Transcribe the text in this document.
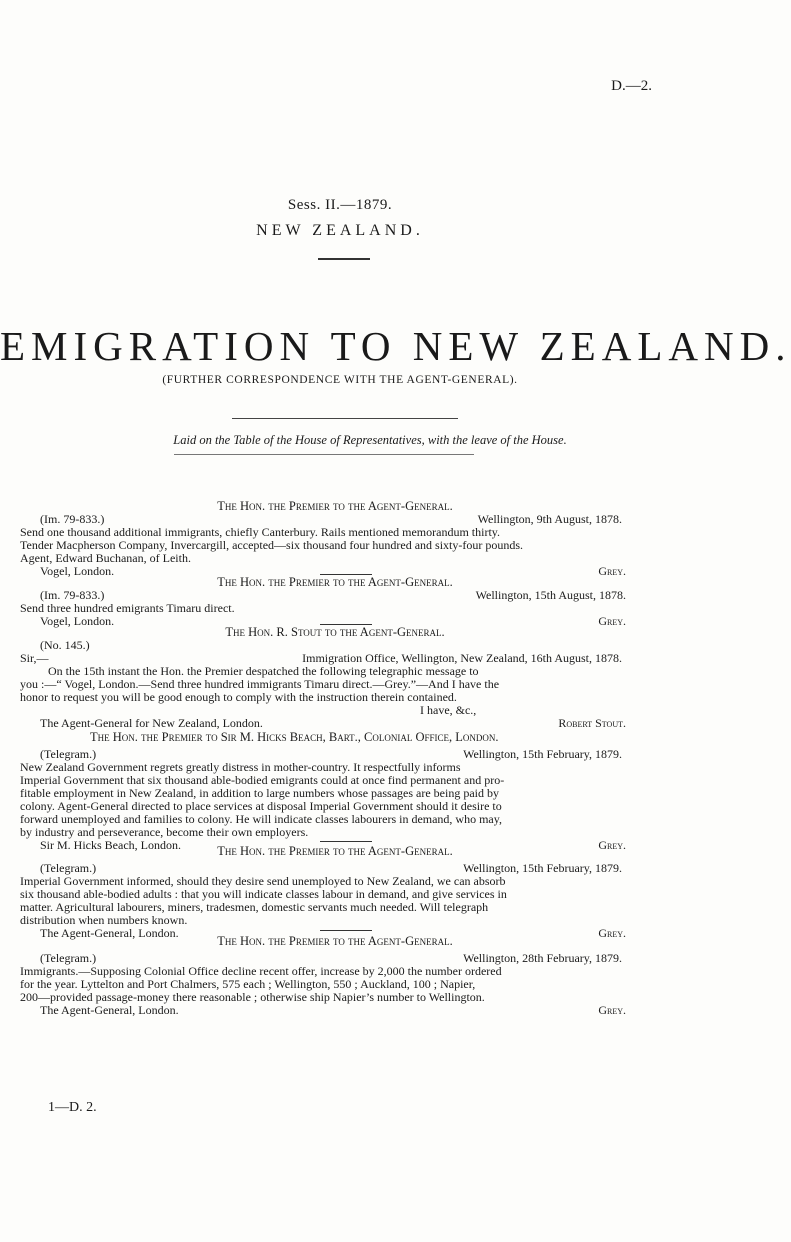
D.—2.
Sess. II.—1879.
NEW ZEALAND.
EMIGRATION TO NEW ZEALAND.
(FURTHER CORRESPONDENCE WITH THE AGENT-GENERAL).
Laid on the Table of the House of Representatives, with the leave of the House.
The Hon. the Premier to the Agent-General.
(Im. 79-833.)	Wellington, 9th August, 1878.
Send one thousand additional immigrants, chiefly Canterbury. Rails mentioned memorandum thirty.
Tender Macpherson Company, Invercargill, accepted—six thousand four hundred and sixty-four pounds.
Agent, Edward Buchanan, of Leith.
Vogel, London.	Grey.
The Hon. the Premier to the Agent-General.
(Im. 79-833.)	Wellington, 15th August, 1878.
Send three hundred emigrants Timaru direct.
Vogel, London.	Grey.
The Hon. R. Stout to the Agent-General.
(No. 145.)
Sir,—	Immigration Office, Wellington, New Zealand, 16th August, 1878.
On the 15th instant the Hon. the Premier despatched the following telegraphic message to
you :—“ Vogel, London.—Send three hundred immigrants Timaru direct.—Grey.”—And I have the
honor to request you will be good enough to comply with the instruction therein contained.
I have, &c.,
The Agent-General for New Zealand, London.	Robert Stout.
The Hon. the Premier to Sir M. Hicks Beach, Bart., Colonial Office, London.
(Telegram.)	Wellington, 15th February, 1879.
New Zealand Government regrets greatly distress in mother-country. It respectfully informs
Imperial Government that six thousand able-bodied emigrants could at once find permanent and pro-
fitable employment in New Zealand, in addition to large numbers whose passages are being paid by
colony. Agent-General directed to place services at disposal Imperial Government should it desire to
forward unemployed and families to colony. He will indicate classes labourers in demand, who may,
by industry and perseverance, become their own employers.
Sir M. Hicks Beach, London.	Grey.
The Hon. the Premier to the Agent-General.
(Telegram.)	Wellington, 15th February, 1879.
Imperial Government informed, should they desire send unemployed to New Zealand, we can absorb
six thousand able-bodied adults : that you will indicate classes labour in demand, and give services in
matter. Agricultural labourers, miners, tradesmen, domestic servants much needed. Will telegraph
distribution when numbers known.
The Agent-General, London.	Grey.
The Hon. the Premier to the Agent-General.
(Telegram.)	Wellington, 28th February, 1879.
Immigrants.—Supposing Colonial Office decline recent offer, increase by 2,000 the number ordered
for the year. Lyttelton and Port Chalmers, 575 each ; Wellington, 550 ; Auckland, 100 ; Napier,
200—provided passage-money there reasonable ; otherwise ship Napier’s number to Wellington.
The Agent-General, London.	Grey.
1—D. 2.
